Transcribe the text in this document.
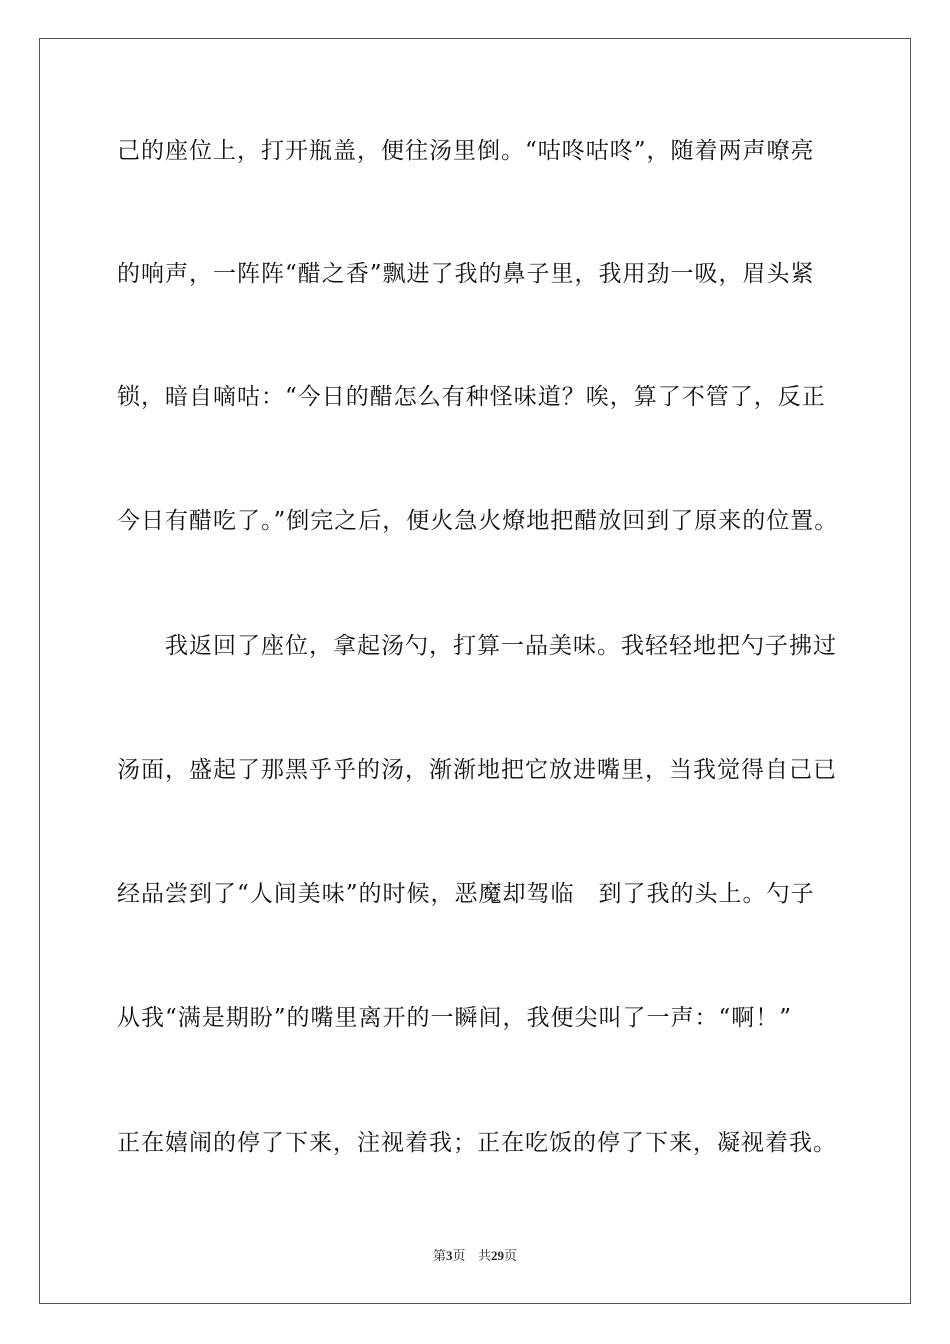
己的座位上，打开瓶盖，便往汤里倒。“咕咚咕咚”，随着两声嘹亮
的响声，一阵阵“醋之香”飘进了我的鼻子里，我用劲一吸，眉头紧
锁，暗自嘀咕：“今日的醋怎么有种怪味道？唉，算了不管了，反正
今日有醋吃了。”倒完之后，便火急火燎地把醋放回到了原来的位置。
　　我返回了座位，拿起汤勺，打算一品美味。我轻轻地把勺子拂过
汤面，盛起了那黑乎乎的汤，渐渐地把它放进嘴里，当我觉得自己已
经品尝到了“人间美味”的时候，恶魔却驾临　到了我的头上。勺子
从我“满是期盼”的嘴里离开的一瞬间，我便尖叫了一声：“啊！”
正在嬉闹的停了下来，注视着我；正在吃饭的停了下来，凝视着我。
第3页 共29页
